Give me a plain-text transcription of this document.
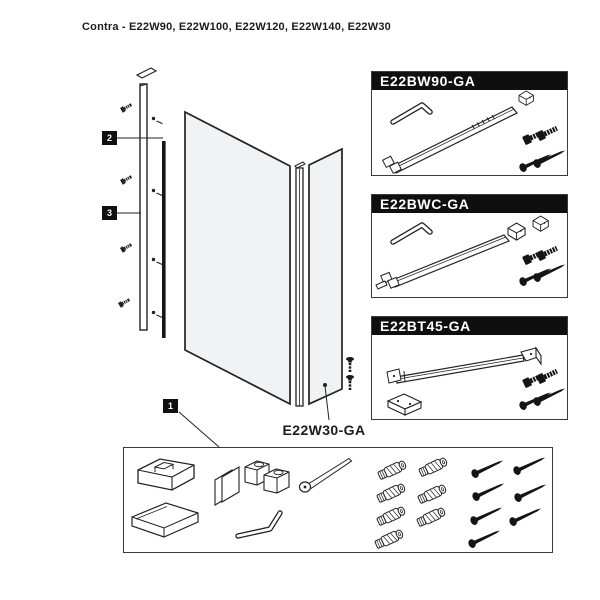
Contra - E22W90, E22W100, E22W120, E22W140, E22W30
E22BW90-GA
E22BWC-GA
E22BT45-GA
1
2
3
E22W30-GA
